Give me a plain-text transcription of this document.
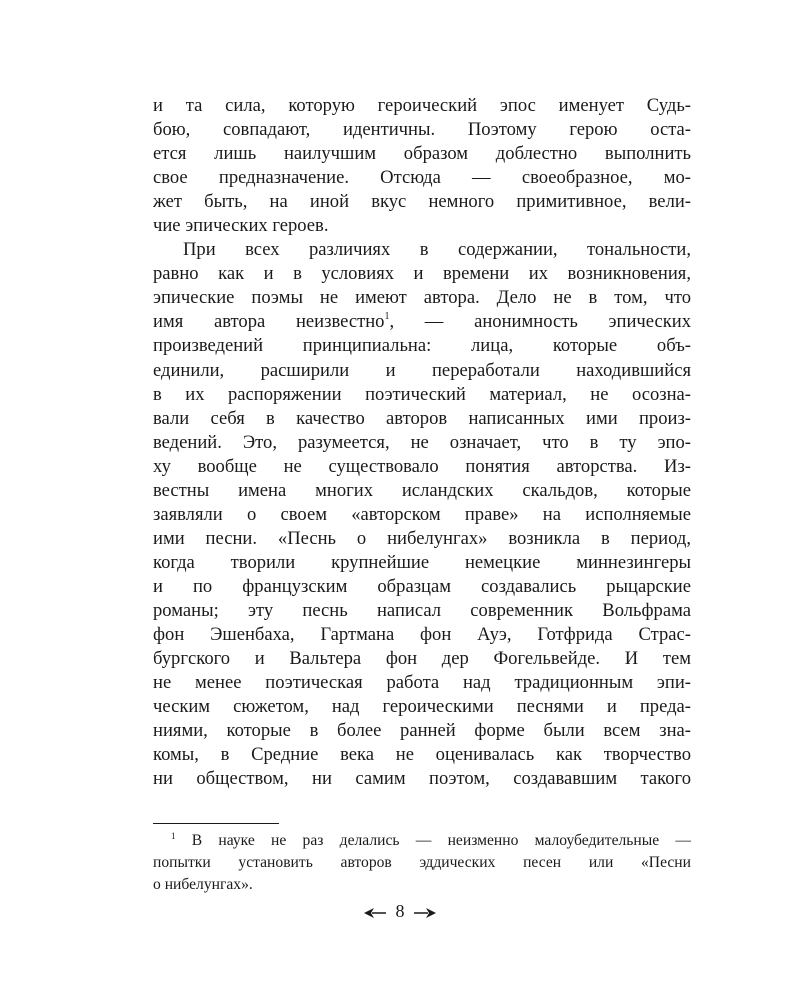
и та сила, которую героический эпос именует Судь-
бою, совпадают, идентичны. Поэтому герою оста-
ется лишь наилучшим образом доблестно выполнить
свое предназначение. Отсюда — своеобразное, мо-
жет быть, на иной вкус немного примитивное, вели-
чие эпических героев.
При всех различиях в содержании, тональности,
равно как и в условиях и времени их возникновения,
эпические поэмы не имеют автора. Дело не в том, что
имя автора неизвестно$^1$, — анонимность эпических
произведений принципиальна: лица, которые объ-
единили, расширили и переработали находившийся
в их распоряжении поэтический материал, не осозна-
вали себя в качество авторов написанных ими произ-
ведений. Это, разумеется, не означает, что в ту эпо-
ху вообще не существовало понятия авторства. Из-
вестны имена многих исландских скальдов, которые
заявляли о своем «авторском праве» на исполняемые
ими песни. «Песнь о нибелунгах» возникла в период,
когда творили крупнейшие немецкие миннезингеры
и по французским образцам создавались рыцарские
романы; эту песнь написал современник Вольфрама
фон Эшенбаха, Гартмана фон Ауэ, Готфрида Страс-
бургского и Вальтера фон дер Фогельвейде. И тем
не менее поэтическая работа над традиционным эпи-
ческим сюжетом, над героическими песнями и преда-
ниями, которые в более ранней форме были всем зна-
комы, в Средние века не оценивалась как творчество
ни обществом, ни самим поэтом, создававшим такого
$^1$ В науке не раз делались — неизменно малоубедительные —
попытки установить авторов эддических песен или «Песни
о нибелунгах».
8
